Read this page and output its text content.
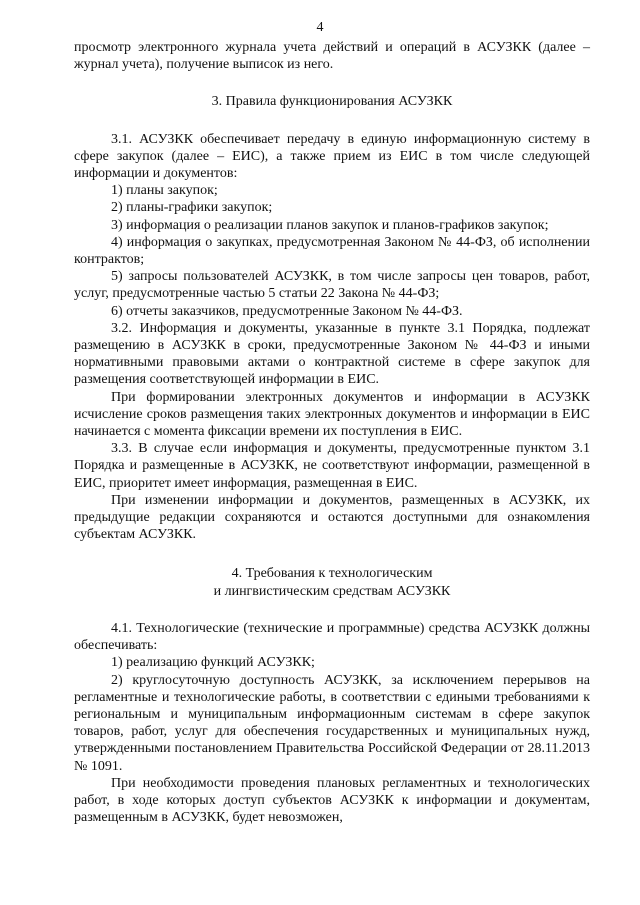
4

просмотр электронного журнала учета действий и операций в АСУЗКК (далее – журнал учета), получение выписок из него.

3. Правила функционирования АСУЗКК

3.1. АСУЗКК обеспечивает передачу в единую информационную систему в сфере закупок (далее – ЕИС), а также прием из ЕИС в том числе следующей информации и документов:

1) планы закупок;

2) планы-графики закупок;

3) информация о реализации планов закупок и планов-графиков закупок;

4) информация о закупках, предусмотренная Законом № 44-ФЗ, об исполнении контрактов;

5) запросы пользователей АСУЗКК, в том числе запросы цен товаров, работ, услуг, предусмотренные частью 5 статьи 22 Закона № 44-ФЗ;

6) отчеты заказчиков, предусмотренные Законом № 44-ФЗ.

3.2. Информация и документы, указанные в пункте 3.1 Порядка, подлежат размещению в АСУЗКК в сроки, предусмотренные Законом № 44-ФЗ и иными нормативными правовыми актами о контрактной системе в сфере закупок для размещения соответствующей информации в ЕИС.

При формировании электронных документов и информации в АСУЗКК исчисление сроков размещения таких электронных документов и информации в ЕИС начинается с момента фиксации времени их поступления в ЕИС.

3.3. В случае если информация и документы, предусмотренные пунктом 3.1 Порядка и размещенные в АСУЗКК, не соответствуют информации, размещенной в ЕИС, приоритет имеет информация, размещенная в ЕИС.

При изменении информации и документов, размещенных в АСУЗКК, их предыдущие редакции сохраняются и остаются доступными для ознакомления субъектам АСУЗКК.

4. Требования к технологическим

и лингвистическим средствам АСУЗКК

4.1. Технологические (технические и программные) средства АСУЗКК должны обеспечивать:

1) реализацию функций АСУЗКК;

2) круглосуточную доступность АСУЗКК, за исключением перерывов на регламентные и технологические работы, в соответствии с едиными требованиями к региональным и муниципальным информационным системам в сфере закупок товаров, работ, услуг для обеспечения государственных и муниципальных нужд, утвержденными постановлением Правительства Российской Федерации от 28.11.2013 № 1091.

При необходимости проведения плановых регламентных и технологических работ, в ходе которых доступ субъектов АСУЗКК к информации и документам, размещенным в АСУЗКК, будет невозможен,
